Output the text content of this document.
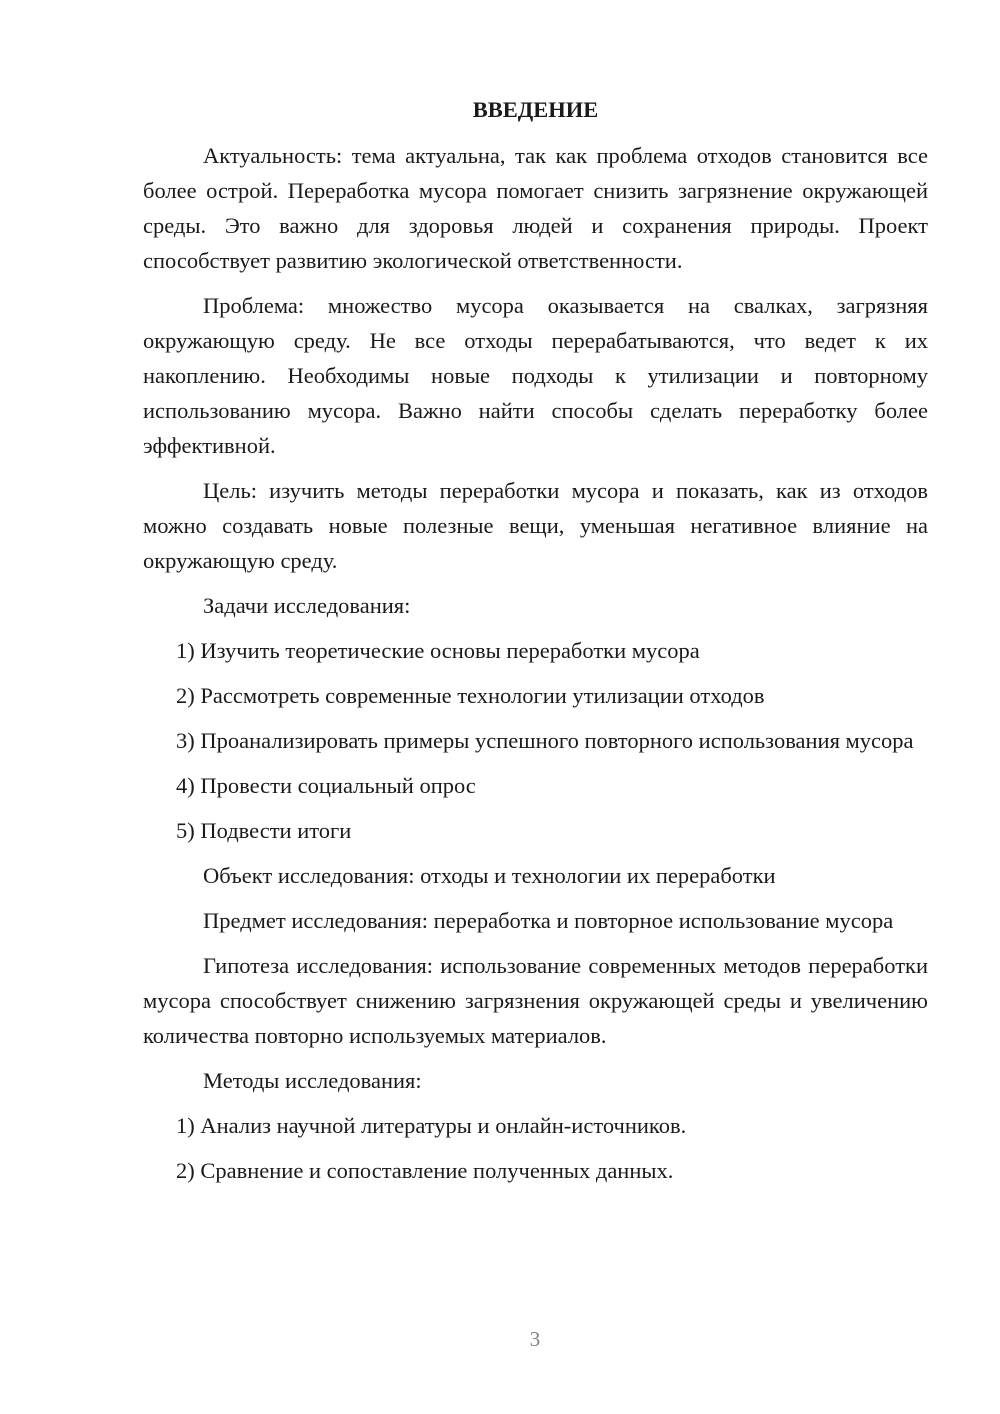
ВВЕДЕНИЕ

Актуальность: тема актуальна, так как проблема отходов становится все более острой. Переработка мусора помогает снизить загрязнение окружающей среды. Это важно для здоровья людей и сохранения природы. Проект способствует развитию экологической ответственности.

Проблема: множество мусора оказывается на свалках, загрязняя окружающую среду. Не все отходы перерабатываются, что ведет к их накоплению. Необходимы новые подходы к утилизации и повторному использованию мусора. Важно найти способы сделать переработку более эффективной.

Цель: изучить методы переработки мусора и показать, как из отходов можно создавать новые полезные вещи, уменьшая негативное влияние на окружающую среду.

Задачи исследования:

1) Изучить теоретические основы переработки мусора

2) Рассмотреть современные технологии утилизации отходов

3) Проанализировать примеры успешного повторного использования мусора

4) Провести социальный опрос

5) Подвести итоги

Объект исследования: отходы и технологии их переработки

Предмет исследования: переработка и повторное использование мусора

Гипотеза исследования: использование современных методов переработки мусора способствует снижению загрязнения окружающей среды и увеличению количества повторно используемых материалов.

Методы исследования:

1) Анализ научной литературы и онлайн-источников.

2) Сравнение и сопоставление полученных данных.

3
